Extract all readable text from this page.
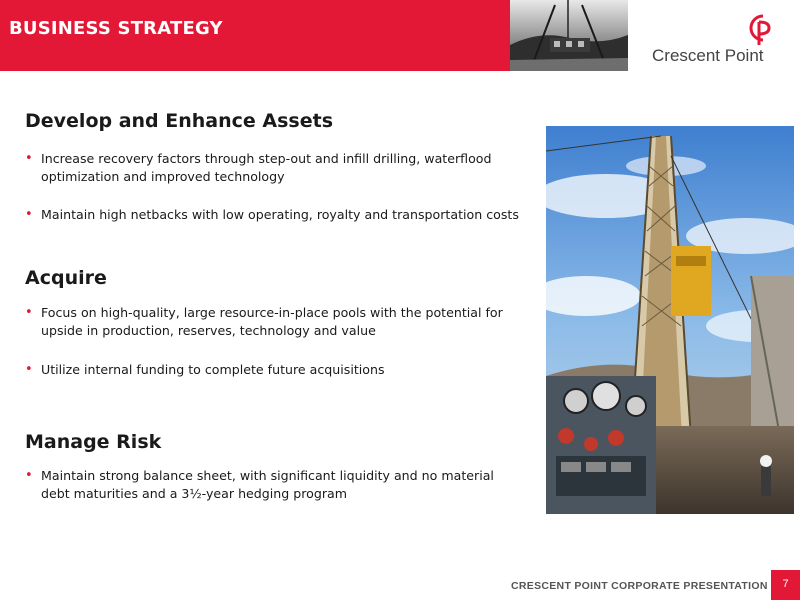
BUSINESS STRATEGY
Crescent Point
Develop and Enhance Assets
• Increase recovery factors through step-out and infill drilling, waterflood optimization and improved technology
• Maintain high netbacks with low operating, royalty and transportation costs
Acquire
• Focus on high-quality, large resource-in-place pools with the potential for upside in production, reserves, technology and value
• Utilize internal funding to complete future acquisitions
Manage Risk
• Maintain strong balance sheet, with significant liquidity and no material debt maturities and a 3½-year hedging program
CRESCENT POINT CORPORATE PRESENTATION	7
